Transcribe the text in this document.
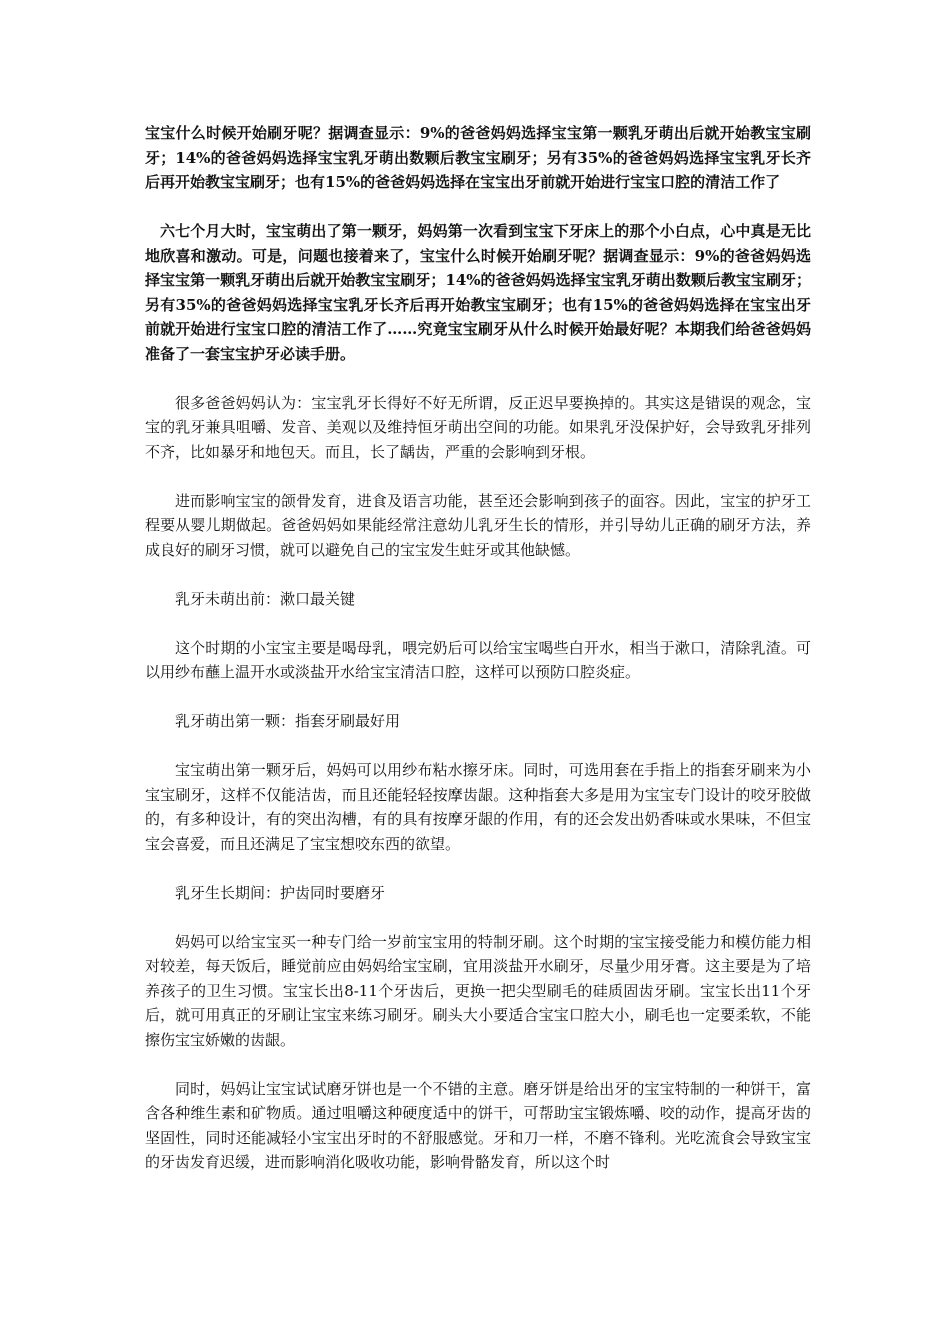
宝宝什么时候开始刷牙呢？据调查显示：9%的爸爸妈妈选择宝宝第一颗乳牙萌出后就开始教宝宝刷牙；14%的爸爸妈妈选择宝宝乳牙萌出数颗后教宝宝刷牙；另有35%的爸爸妈妈选择宝宝乳牙长齐后再开始教宝宝刷牙；也有15%的爸爸妈妈选择在宝宝出牙前就开始进行宝宝口腔的清洁工作了

六七个月大时，宝宝萌出了第一颗牙，妈妈第一次看到宝宝下牙床上的那个小白点，心中真是无比地欣喜和激动。可是，问题也接着来了，宝宝什么时候开始刷牙呢？据调查显示：9%的爸爸妈妈选择宝宝第一颗乳牙萌出后就开始教宝宝刷牙；14%的爸爸妈妈选择宝宝乳牙萌出数颗后教宝宝刷牙；另有35%的爸爸妈妈选择宝宝乳牙长齐后再开始教宝宝刷牙；也有15%的爸爸妈妈选择在宝宝出牙前就开始进行宝宝口腔的清洁工作了……究竟宝宝刷牙从什么时候开始最好呢？本期我们给爸爸妈妈准备了一套宝宝护牙必读手册。

很多爸爸妈妈认为：宝宝乳牙长得好不好无所谓，反正迟早要换掉的。其实这是错误的观念，宝宝的乳牙兼具咀嚼、发音、美观以及维持恒牙萌出空间的功能。如果乳牙没保护好，会导致乳牙排列不齐，比如暴牙和地包天。而且，长了龋齿，严重的会影响到牙根。

进而影响宝宝的颌骨发育，进食及语言功能，甚至还会影响到孩子的面容。因此，宝宝的护牙工程要从婴儿期做起。爸爸妈妈如果能经常注意幼儿乳牙生长的情形，并引导幼儿正确的刷牙方法，养成良好的刷牙习惯，就可以避免自己的宝宝发生蛀牙或其他缺憾。

乳牙未萌出前：漱口最关键

这个时期的小宝宝主要是喝母乳，喂完奶后可以给宝宝喝些白开水，相当于漱口，清除乳渣。可以用纱布蘸上温开水或淡盐开水给宝宝清洁口腔，这样可以预防口腔炎症。

乳牙萌出第一颗：指套牙刷最好用

宝宝萌出第一颗牙后，妈妈可以用纱布粘水擦牙床。同时，可选用套在手指上的指套牙刷来为小宝宝刷牙，这样不仅能洁齿，而且还能轻轻按摩齿龈。这种指套大多是用为宝宝专门设计的咬牙胶做的，有多种设计，有的突出沟槽，有的具有按摩牙龈的作用，有的还会发出奶香味或水果味，不但宝宝会喜爱，而且还满足了宝宝想咬东西的欲望。

乳牙生长期间：护齿同时要磨牙

妈妈可以给宝宝买一种专门给一岁前宝宝用的特制牙刷。这个时期的宝宝接受能力和模仿能力相对较差，每天饭后，睡觉前应由妈妈给宝宝刷，宜用淡盐开水刷牙，尽量少用牙膏。这主要是为了培养孩子的卫生习惯。宝宝长出8-11个牙齿后，更换一把尖型刷毛的硅质固齿牙刷。宝宝长出11个牙后，就可用真正的牙刷让宝宝来练习刷牙。刷头大小要适合宝宝口腔大小，刷毛也一定要柔软，不能擦伤宝宝娇嫩的齿龈。

同时，妈妈让宝宝试试磨牙饼也是一个不错的主意。磨牙饼是给出牙的宝宝特制的一种饼干，富含各种维生素和矿物质。通过咀嚼这种硬度适中的饼干，可帮助宝宝锻炼嚼、咬的动作，提高牙齿的坚固性，同时还能减轻小宝宝出牙时的不舒服感觉。牙和刀一样，不磨不锋利。光吃流食会导致宝宝的牙齿发育迟缓，进而影响消化吸收功能，影响骨骼发育，所以这个时
